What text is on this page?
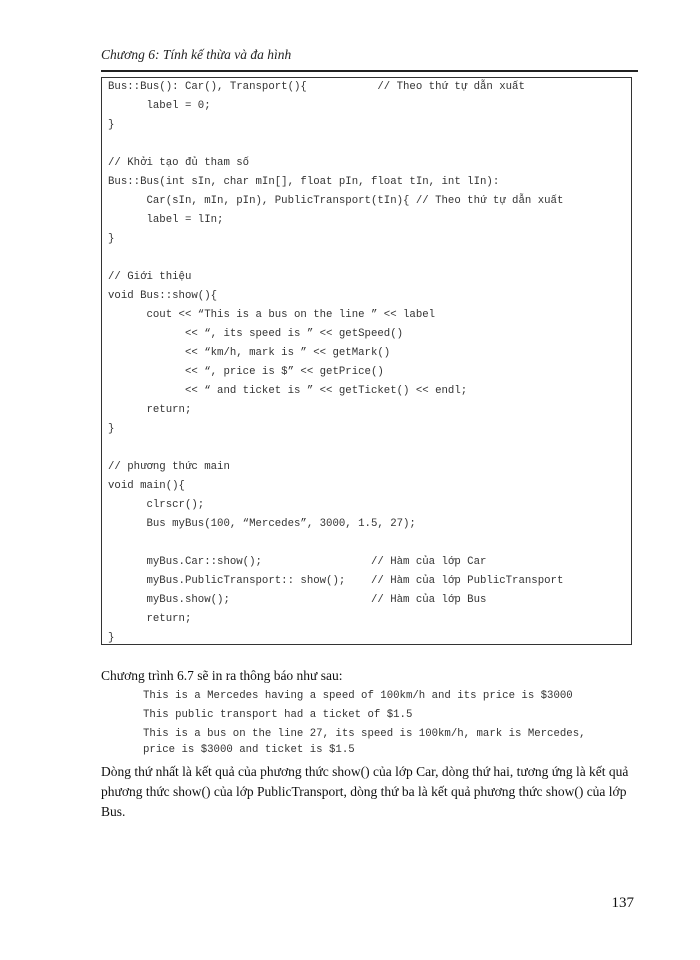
Chương 6: Tính kế thừa và đa hình
Bus::Bus(): Car(), Transport(){           // Theo thứ tự dẫn xuất
label = 0;
}
// Khởi tạo đủ tham số
Bus::Bus(int sIn, char mIn[], float pIn, float tIn, int lIn):
Car(sIn, mIn, pIn), PublicTransport(tIn){ // Theo thứ tự dẫn xuất
label = lIn;
}
// Giới thiệu
void Bus::show(){
cout << “This is a bus on the line ” << label
<< “, its speed is ” << getSpeed()
<< “km/h, mark is ” << getMark()
<< “, price is $” << getPrice()
<< “ and ticket is ” << getTicket() << endl;
return;
}
// phương thức main
void main(){
clrscr();
Bus myBus(100, “Mercedes”, 3000, 1.5, 27);
myBus.Car::show();                 // Hàm của lớp Car
myBus.PublicTransport:: show();    // Hàm của lớp PublicTransport
myBus.show();                      // Hàm của lớp Bus
return;
}
Chương trình 6.7 sẽ in ra thông báo như sau:
This is a Mercedes having a speed of 100km/h and its price is $3000
This public transport had a ticket of $1.5
This is a bus on the line 27, its speed is 100km/h, mark is Mercedes,
price is $3000 and ticket is $1.5
Dòng thứ nhất là kết quả của phương thức show() của lớp Car, dòng thứ hai, tương ứng là kết quả phương thức show() của lớp PublicTransport, dòng thứ ba là kết quả phương thức show() của lớp Bus.
137
